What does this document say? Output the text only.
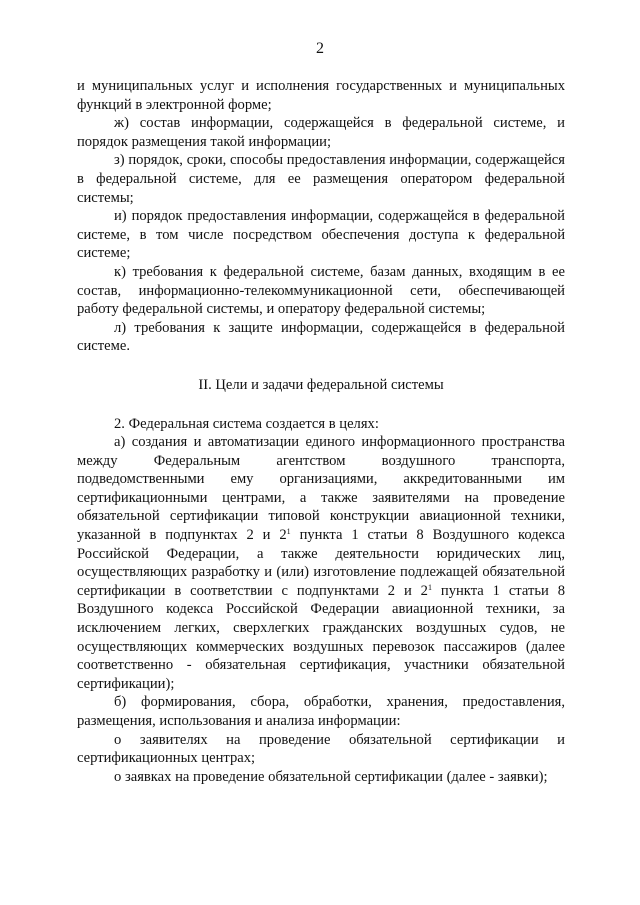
2

и муниципальных услуг и исполнения государственных и муниципальных функций в электронной форме;

ж) состав информации, содержащейся в федеральной системе, и порядок размещения такой информации;

з) порядок, сроки, способы предоставления информации, содержащейся в федеральной системе, для ее размещения оператором федеральной системы;

и) порядок предоставления информации, содержащейся в федеральной системе, в том числе посредством обеспечения доступа к федеральной системе;

к) требования к федеральной системе, базам данных, входящим в ее состав, информационно-телекоммуникационной сети, обеспечивающей работу федеральной системы, и оператору федеральной системы;

л) требования к защите информации, содержащейся в федеральной системе.

II. Цели и задачи федеральной системы

2. Федеральная система создается в целях:

а) создания и автоматизации единого информационного пространства между Федеральным агентством воздушного транспорта, подведомственными ему организациями, аккредитованными им сертификационными центрами, а также заявителями на проведение обязательной сертификации типовой конструкции авиационной техники, указанной в подпунктах 2 и $2^1$ пункта 1 статьи 8 Воздушного кодекса Российской Федерации, а также деятельности юридических лиц, осуществляющих разработку и (или) изготовление подлежащей обязательной сертификации в соответствии с подпунктами 2 и $2^1$ пункта 1 статьи 8 Воздушного кодекса Российской Федерации авиационной техники, за исключением легких, сверхлегких гражданских воздушных судов, не осуществляющих коммерческих воздушных перевозок пассажиров (далее соответственно - обязательная сертификация, участники обязательной сертификации);

б) формирования, сбора, обработки, хранения, предоставления, размещения, использования и анализа информации:

о заявителях на проведение обязательной сертификации и сертификационных центрах;

о заявках на проведение обязательной сертификации (далее - заявки);
